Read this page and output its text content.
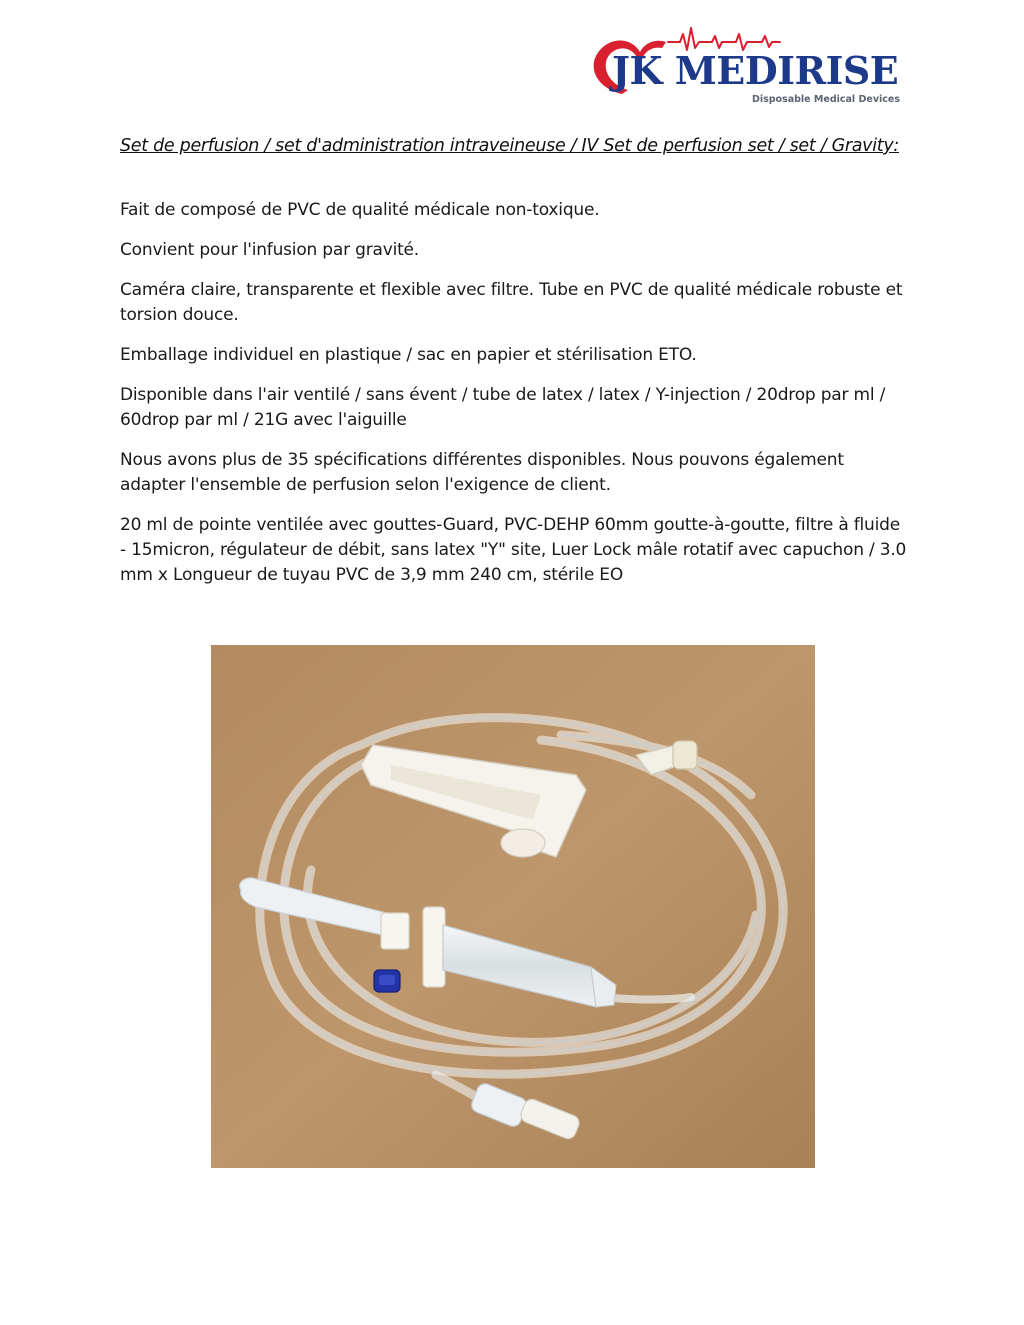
JK MEDIRISE
Disposable Medical Devices
Set de perfusion / set d'administration intraveineuse / IV Set de perfusion set / set / Gravity:

Fait de composé de PVC de qualité médicale non-toxique.

Convient pour l'infusion par gravité.

Caméra claire, transparente et flexible avec filtre. Tube en PVC de qualité médicale robuste et torsion douce.

Emballage individuel en plastique / sac en papier et stérilisation ETO.

Disponible dans l'air ventilé / sans évent / tube de latex / latex / Y-injection / 20drop par ml / 60drop par ml / 21G avec l'aiguille

Nous avons plus de 35 spécifications différentes disponibles. Nous pouvons également adapter l'ensemble de perfusion selon l'exigence de client.

20 ml de pointe ventilée avec gouttes-Guard, PVC-DEHP 60mm goutte-à-goutte, filtre à fluide - 15micron, régulateur de débit, sans latex "Y" site, Luer Lock mâle rotatif avec capuchon / 3.0 mm x Longueur de tuyau PVC de 3,9 mm 240 cm, stérile EO
